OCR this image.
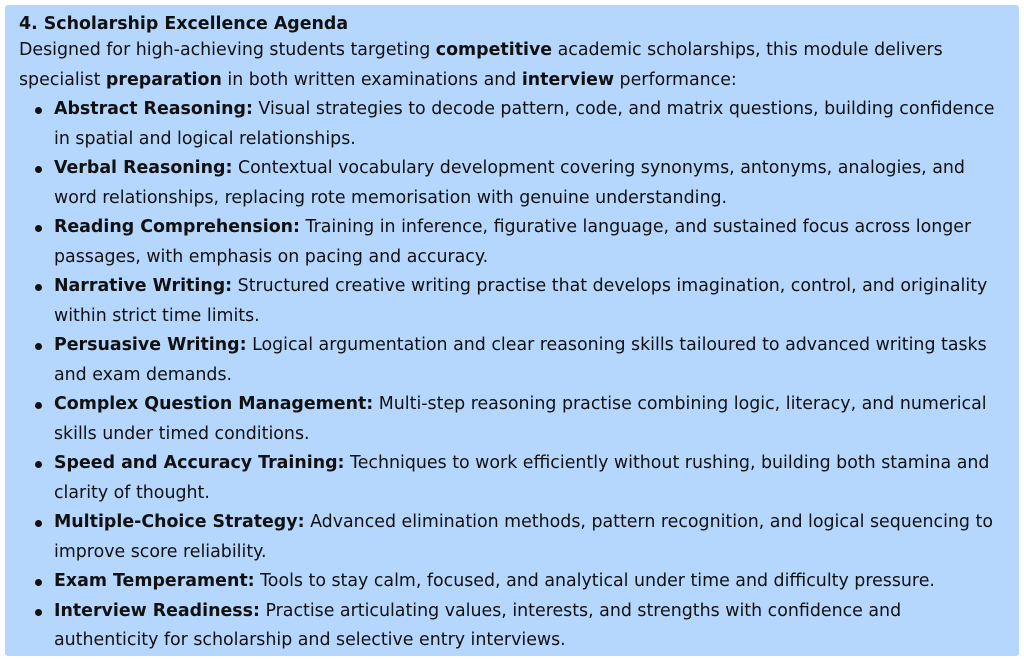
4. Scholarship Excellence Agenda

Designed for high-achieving students targeting competitive academic scholarships, this module delivers specialist preparation in both written examinations and interview performance:

Abstract Reasoning: Visual strategies to decode pattern, code, and matrix questions, building confidence in spatial and logical relationships.
Verbal Reasoning: Contextual vocabulary development covering synonyms, antonyms, analogies, and word relationships, replacing rote memorisation with genuine understanding.
Reading Comprehension: Training in inference, figurative language, and sustained focus across longer passages, with emphasis on pacing and accuracy.
Narrative Writing: Structured creative writing practise that develops imagination, control, and originality within strict time limits.
Persuasive Writing: Logical argumentation and clear reasoning skills tailoured to advanced writing tasks and exam demands.
Complex Question Management: Multi-step reasoning practise combining logic, literacy, and numerical skills under timed conditions.
Speed and Accuracy Training: Techniques to work efficiently without rushing, building both stamina and clarity of thought.
Multiple-Choice Strategy: Advanced elimination methods, pattern recognition, and logical sequencing to improve score reliability.
Exam Temperament: Tools to stay calm, focused, and analytical under time and difficulty pressure.
Interview Readiness: Practise articulating values, interests, and strengths with confidence and authenticity for scholarship and selective entry interviews.
